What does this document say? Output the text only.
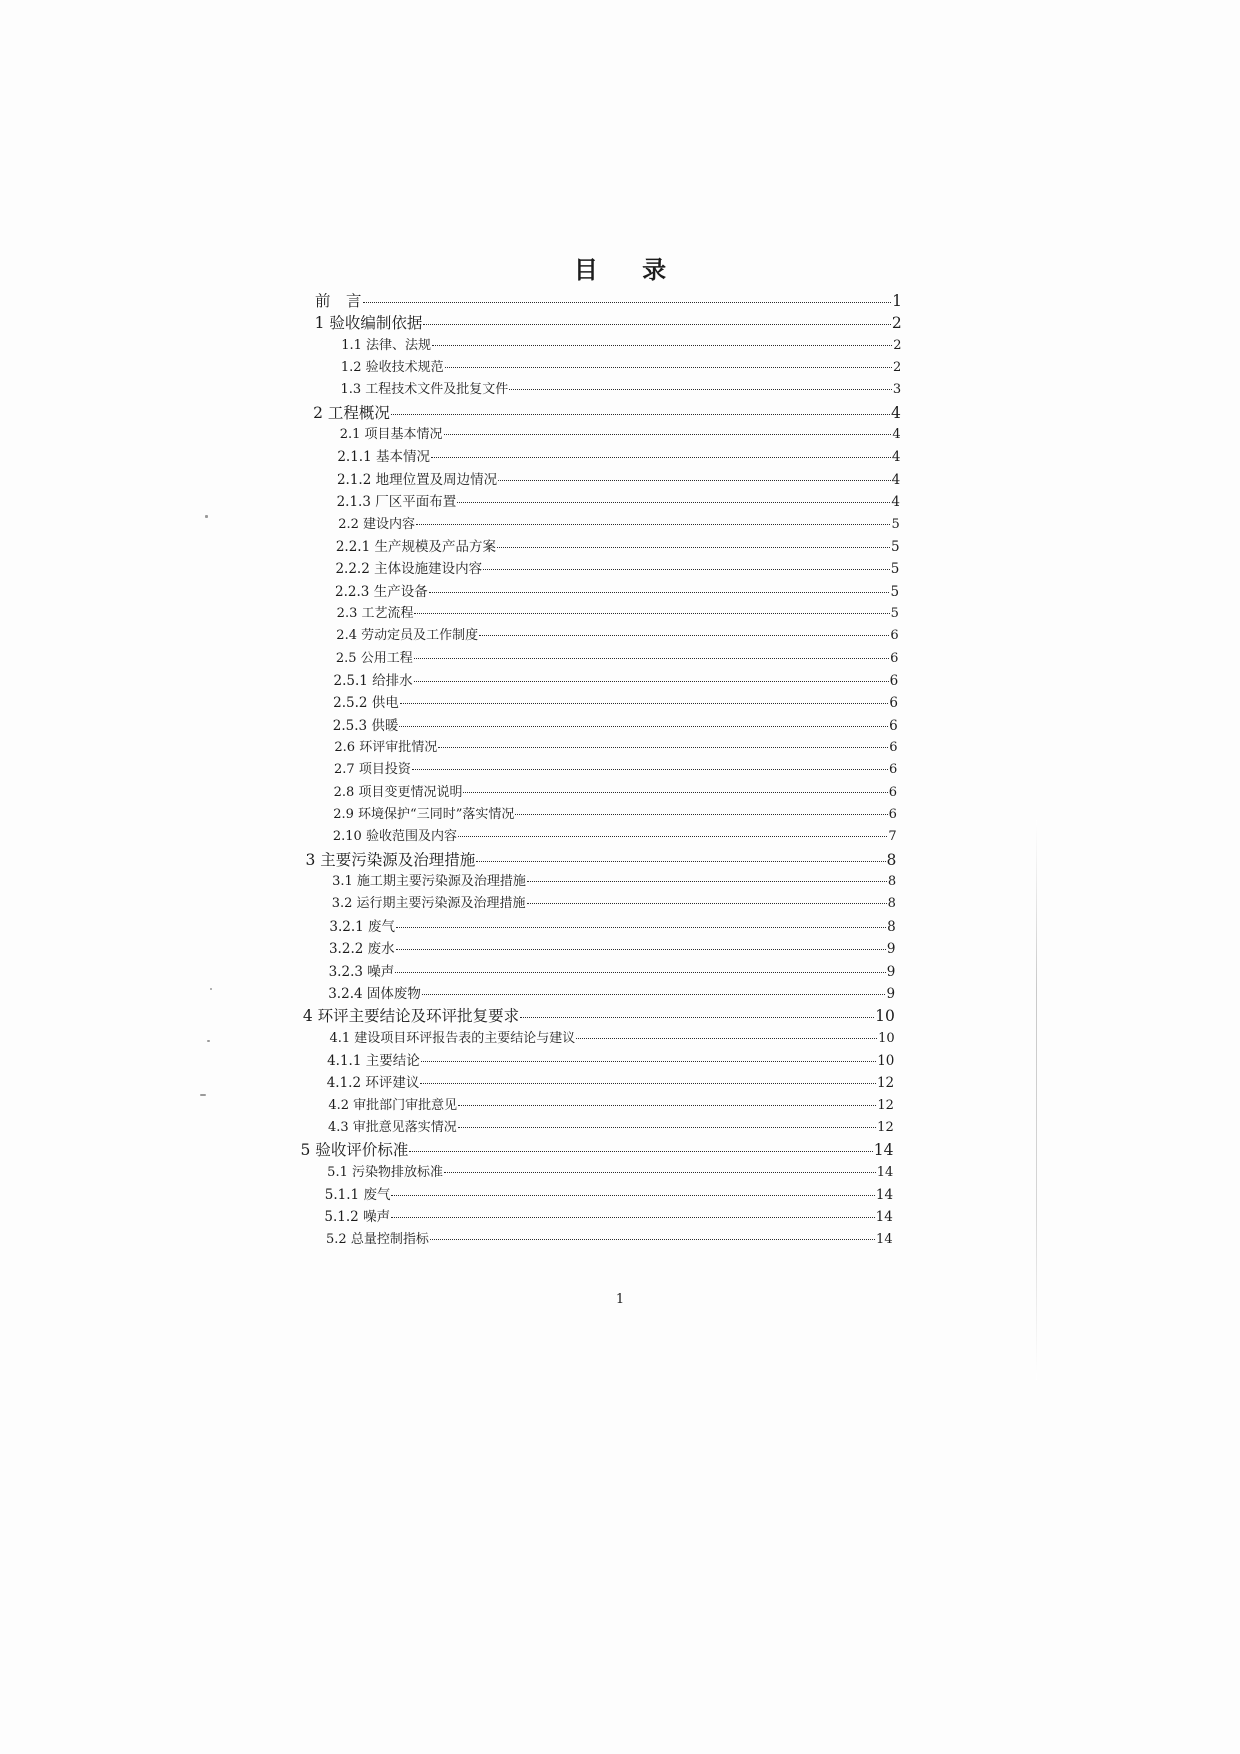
目 录
前　言	1
1 验收编制依据	2
1.1 法律、法规	2
1.2 验收技术规范	2
1.3 工程技术文件及批复文件	3
2 工程概况	4
2.1 项目基本情况	4
2.1.1 基本情况	4
2.1.2 地理位置及周边情况	4
2.1.3 厂区平面布置	4
2.2 建设内容	5
2.2.1 生产规模及产品方案	5
2.2.2 主体设施建设内容	5
2.2.3 生产设备	5
2.3 工艺流程	5
2.4 劳动定员及工作制度	6
2.5 公用工程	6
2.5.1 给排水	6
2.5.2 供电	6
2.5.3 供暖	6
2.6 环评审批情况	6
2.7 项目投资	6
2.8 项目变更情况说明	6
2.9 环境保护“三同时”落实情况	6
2.10 验收范围及内容	7
3 主要污染源及治理措施	8
3.1 施工期主要污染源及治理措施	8
3.2 运行期主要污染源及治理措施	8
3.2.1 废气	8
3.2.2 废水	9
3.2.3 噪声	9
3.2.4 固体废物	9
4 环评主要结论及环评批复要求	10
4.1 建设项目环评报告表的主要结论与建议	10
4.1.1 主要结论	10
4.1.2 环评建议	12
4.2 审批部门审批意见	12
4.3 审批意见落实情况	12
5 验收评价标准	14
5.1 污染物排放标准	14
5.1.1 废气	14
5.1.2 噪声	14
5.2 总量控制指标	14
1
